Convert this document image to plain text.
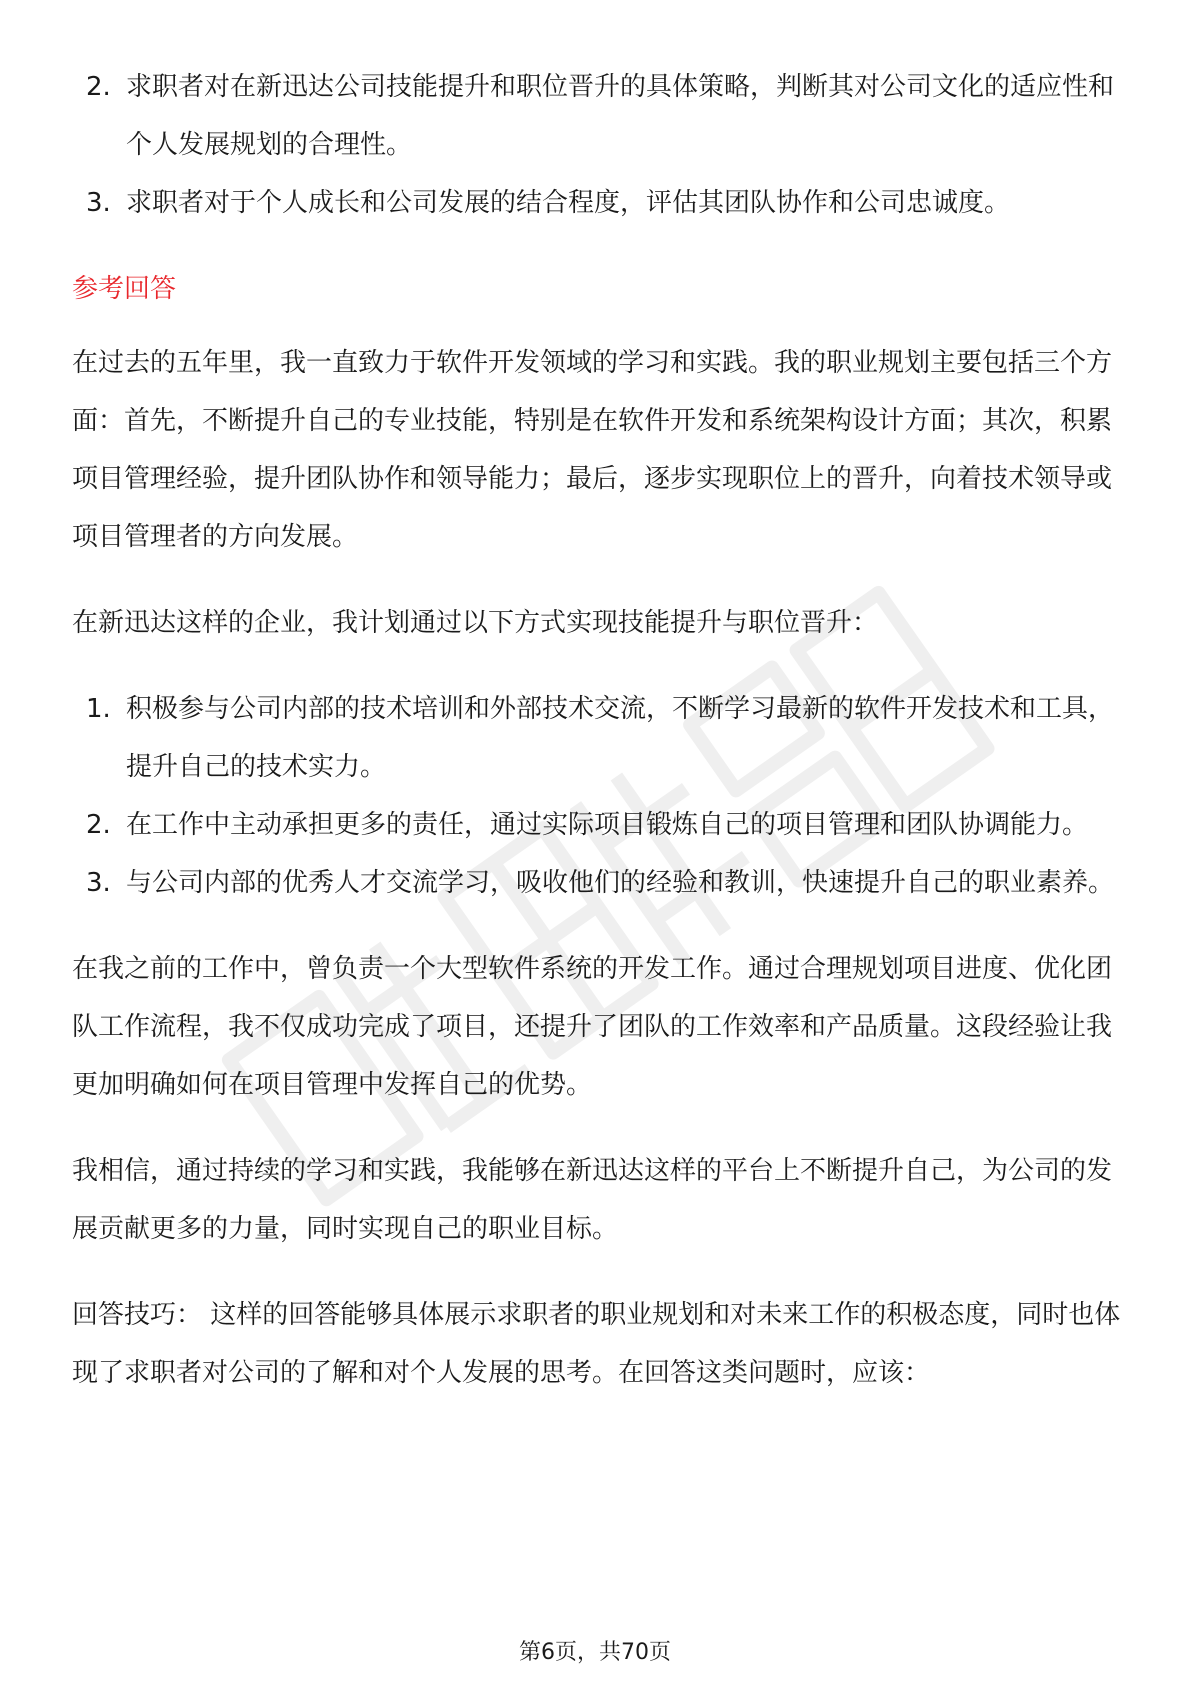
2. 求职者对在新迅达公司技能提升和职位晋升的具体策略，判断其对公司文化的适应性和个人发展规划的合理性。
3. 求职者对于个人成长和公司发展的结合程度，评估其团队协作和公司忠诚度。
参考回答

在过去的五年里，我一直致力于软件开发领域的学习和实践。我的职业规划主要包括三个方面：首先，不断提升自己的专业技能，特别是在软件开发和系统架构设计方面；其次，积累项目管理经验，提升团队协作和领导能力；最后，逐步实现职位上的晋升，向着技术领导或项目管理者的方向发展。

在新迅达这样的企业，我计划通过以下方式实现技能提升与职位晋升：

1. 积极参与公司内部的技术培训和外部技术交流，不断学习最新的软件开发技术和工具，提升自己的技术实力。
2. 在工作中主动承担更多的责任，通过实际项目锻炼自己的项目管理和团队协调能力。
3. 与公司内部的优秀人才交流学习，吸收他们的经验和教训，快速提升自己的职业素养。

在我之前的工作中，曾负责一个大型软件系统的开发工作。通过合理规划项目进度、优化团队工作流程，我不仅成功完成了项目，还提升了团队的工作效率和产品质量。这段经验让我更加明确如何在项目管理中发挥自己的优势。

我相信，通过持续的学习和实践，我能够在新迅达这样的平台上不断提升自己，为公司的发展贡献更多的力量，同时实现自己的职业目标。

回答技巧： 这样的回答能够具体展示求职者的职业规划和对未来工作的积极态度，同时也体现了求职者对公司的了解和对个人发展的思考。在回答这类问题时，应该：

第6页，共70页
